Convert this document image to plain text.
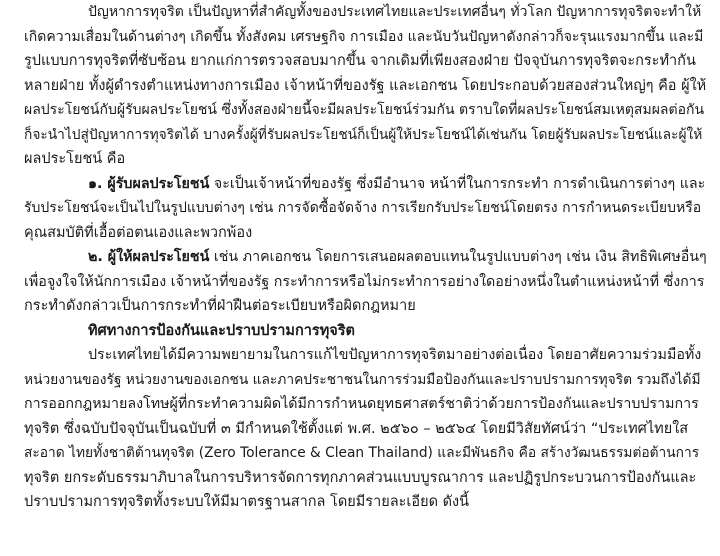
ปัญหาการทุจริต เป็นปัญหาที่สำคัญทั้งของประเทศไทยและประเทศอื่นๆ ทั่วโลก ปัญหาการทุจริตจะทำให้
เกิดความเสื่อมในด้านต่างๆ เกิดขึ้น ทั้งสังคม เศรษฐกิจ การเมือง และนับวันปัญหาดังกล่าวก็จะรุนแรงมากขึ้น และมี
รูปแบบการทุจริตที่ซับซ้อน ยากแก่การตรวจสอบมากขึ้น จากเดิมที่เพียงสองฝ่าย ปัจจุบันการทุจริตจะกระทำกัน
หลายฝ่าย ทั้งผู้ดำรงตำแหน่งทางการเมือง เจ้าหน้าที่ของรัฐ และเอกชน โดยประกอบด้วยสองส่วนใหญ่ๆ คือ ผู้ให้
ผลประโยชน์กับผู้รับผลประโยชน์ ซึ่งทั้งสองฝ่ายนี้จะมีผลประโยชน์ร่วมกัน ตราบใดที่ผลประโยชน์สมเหตุสมผลต่อกัน
ก็จะนำไปสู่ปัญหาการทุจริตได้ บางครั้งผู้ที่รับผลประโยชน์ก็เป็นผู้ให้ประโยชน์ได้เช่นกัน โดยผู้รับผลประโยชน์และผู้ให้
ผลประโยชน์ คือ
๑. ผู้รับผลประโยชน์ จะเป็นเจ้าหน้าที่ของรัฐ ซึ่งมีอำนาจ หน้าที่ในการกระทำ การดำเนินการต่างๆ และ
รับประโยชน์จะเป็นไปในรูปแบบต่างๆ เช่น การจัดซื้อจัดจ้าง การเรียกรับประโยชน์โดยตรง การกำหนดระเบียบหรือ
คุณสมบัติที่เอื้อต่อตนเองและพวกพ้อง
๒. ผู้ให้ผลประโยชน์ เช่น ภาคเอกชน โดยการเสนอผลตอบแทนในรูปแบบต่างๆ เช่น เงิน สิทธิพิเศษอื่นๆ
เพื่อจูงใจให้นักการเมือง เจ้าหน้าที่ของรัฐ กระทำการหรือไม่กระทำการอย่างใดอย่างหนึ่งในตำแหน่งหน้าที่ ซึ่งการ
กระทำดังกล่าวเป็นการกระทำที่ฝ่าฝืนต่อระเบียบหรือผิดกฎหมาย
ทิศทางการป้องกันและปราบปรามการทุจริต
ประเทศไทยได้มีความพยายามในการแก้ไขปัญหาการทุจริตมาอย่างต่อเนื่อง โดยอาศัยความร่วมมือทั้ง
หน่วยงานของรัฐ หน่วยงานของเอกชน และภาคประชาชนในการร่วมมือป้องกันและปราบปรามการทุจริต รวมถึงได้มี
การออกกฎหมายลงโทษผู้ที่กระทำความผิดได้มีการกำหนดยุทธศาสตร์ชาติว่าด้วยการป้องกันและปราบปรามการ
ทุจริต ซึ่งฉบับปัจจุบันเป็นฉบับที่ ๓ มีกำหนดใช้ตั้งแต่ พ.ศ. ๒๕๖๐ – ๒๕๖๔ โดยมีวิสัยทัศน์ว่า “ประเทศไทยใส
สะอาด ไทยทั้งชาติต้านทุจริต (Zero Tolerance & Clean Thailand) และมีพันธกิจ คือ สร้างวัฒนธรรมต่อต้านการ
ทุจริต ยกระดับธรรมาภิบาลในการบริหารจัดการทุกภาคส่วนแบบบูรณาการ และปฏิรูปกระบวนการป้องกันและ
ปราบปรามการทุจริตทั้งระบบให้มีมาตรฐานสากล โดยมีรายละเอียด ดังนี้
